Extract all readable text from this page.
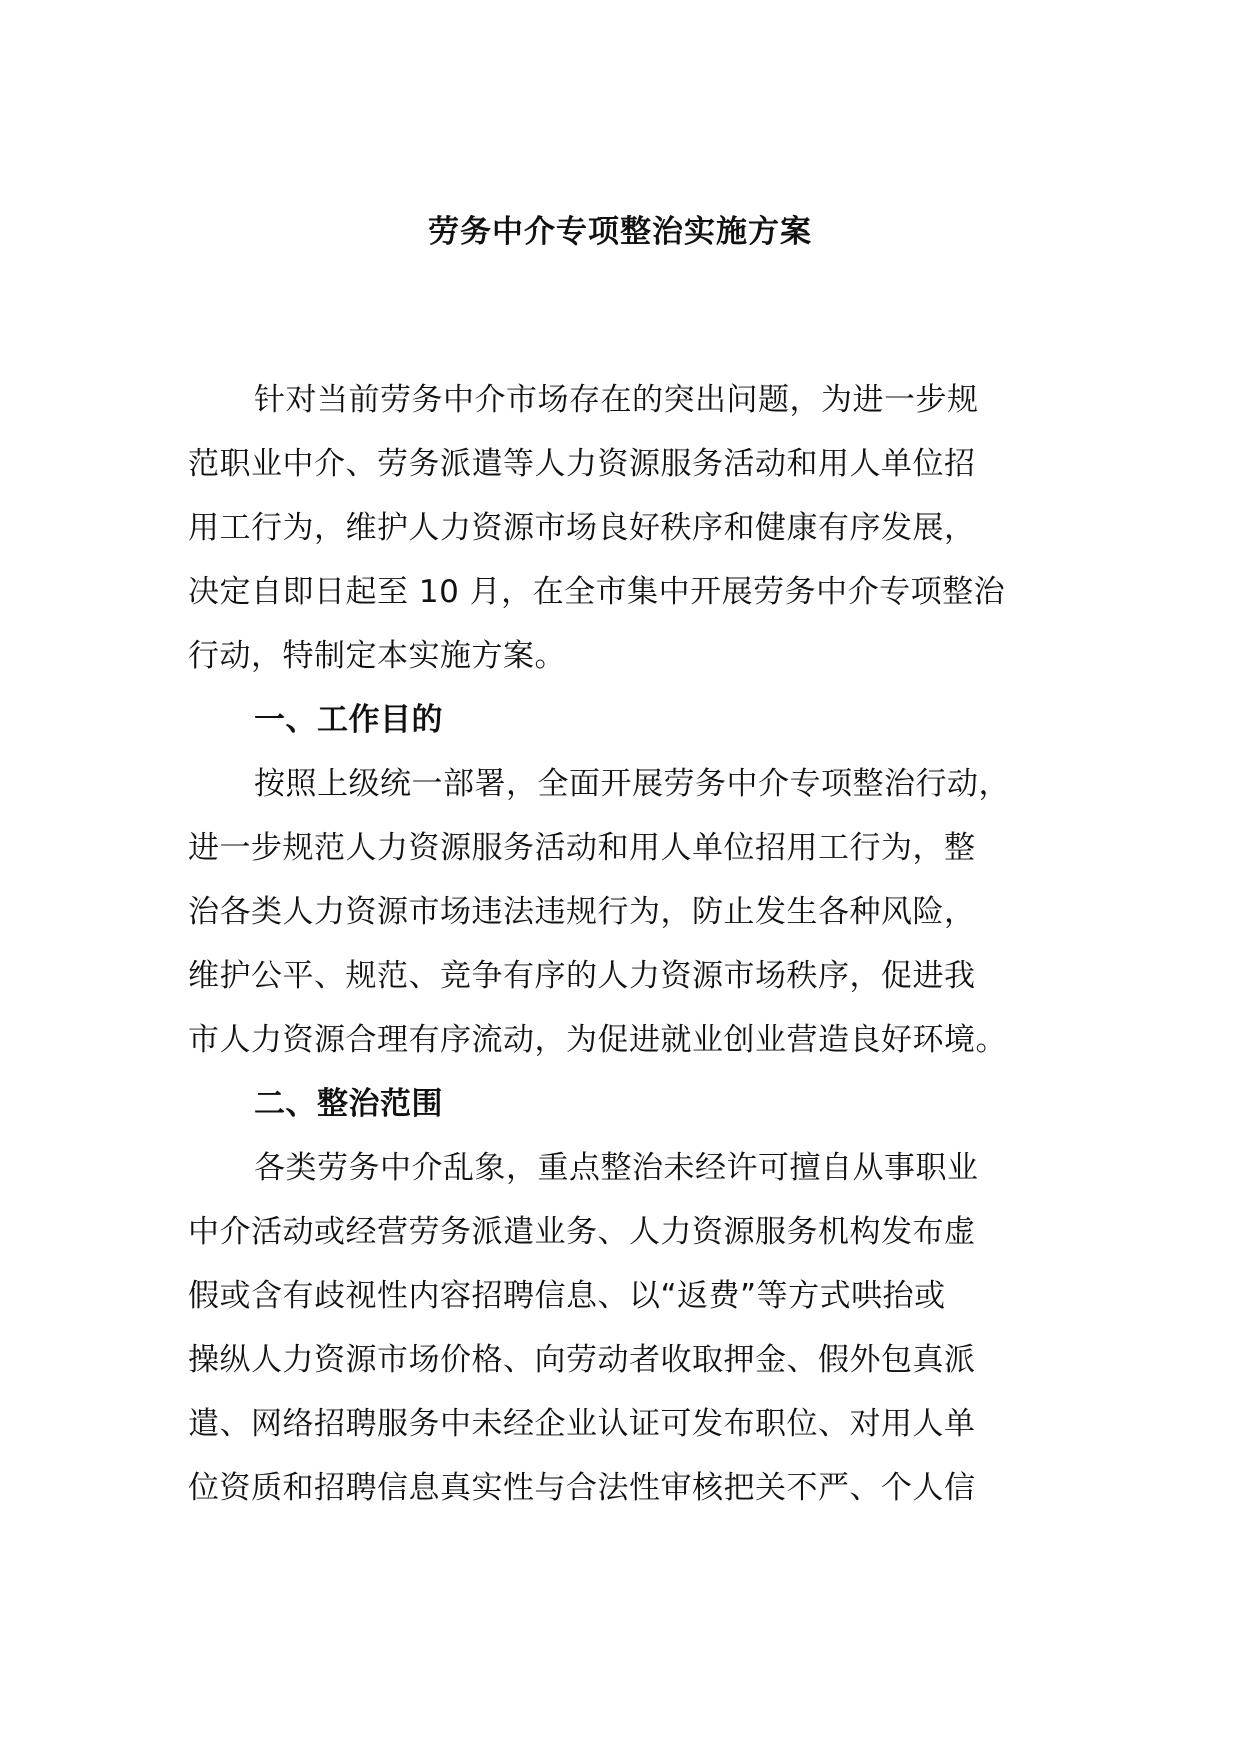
劳务中介专项整治实施方案
针对当前劳务中介市场存在的突出问题，为进一步规
范职业中介、劳务派遣等人力资源服务活动和用人单位招
用工行为，维护人力资源市场良好秩序和健康有序发展，
决定自即日起至 10 月，在全市集中开展劳务中介专项整治
行动，特制定本实施方案。
一、工作目的
按照上级统一部署，全面开展劳务中介专项整治行动，
进一步规范人力资源服务活动和用人单位招用工行为，整
治各类人力资源市场违法违规行为，防止发生各种风险，
维护公平、规范、竞争有序的人力资源市场秩序，促进我
市人力资源合理有序流动，为促进就业创业营造良好环境。
二、整治范围
各类劳务中介乱象，重点整治未经许可擅自从事职业
中介活动或经营劳务派遣业务、人力资源服务机构发布虚
假或含有歧视性内容招聘信息、以“返费”等方式哄抬或
操纵人力资源市场价格、向劳动者收取押金、假外包真派
遣、网络招聘服务中未经企业认证可发布职位、对用人单
位资质和招聘信息真实性与合法性审核把关不严、个人信
